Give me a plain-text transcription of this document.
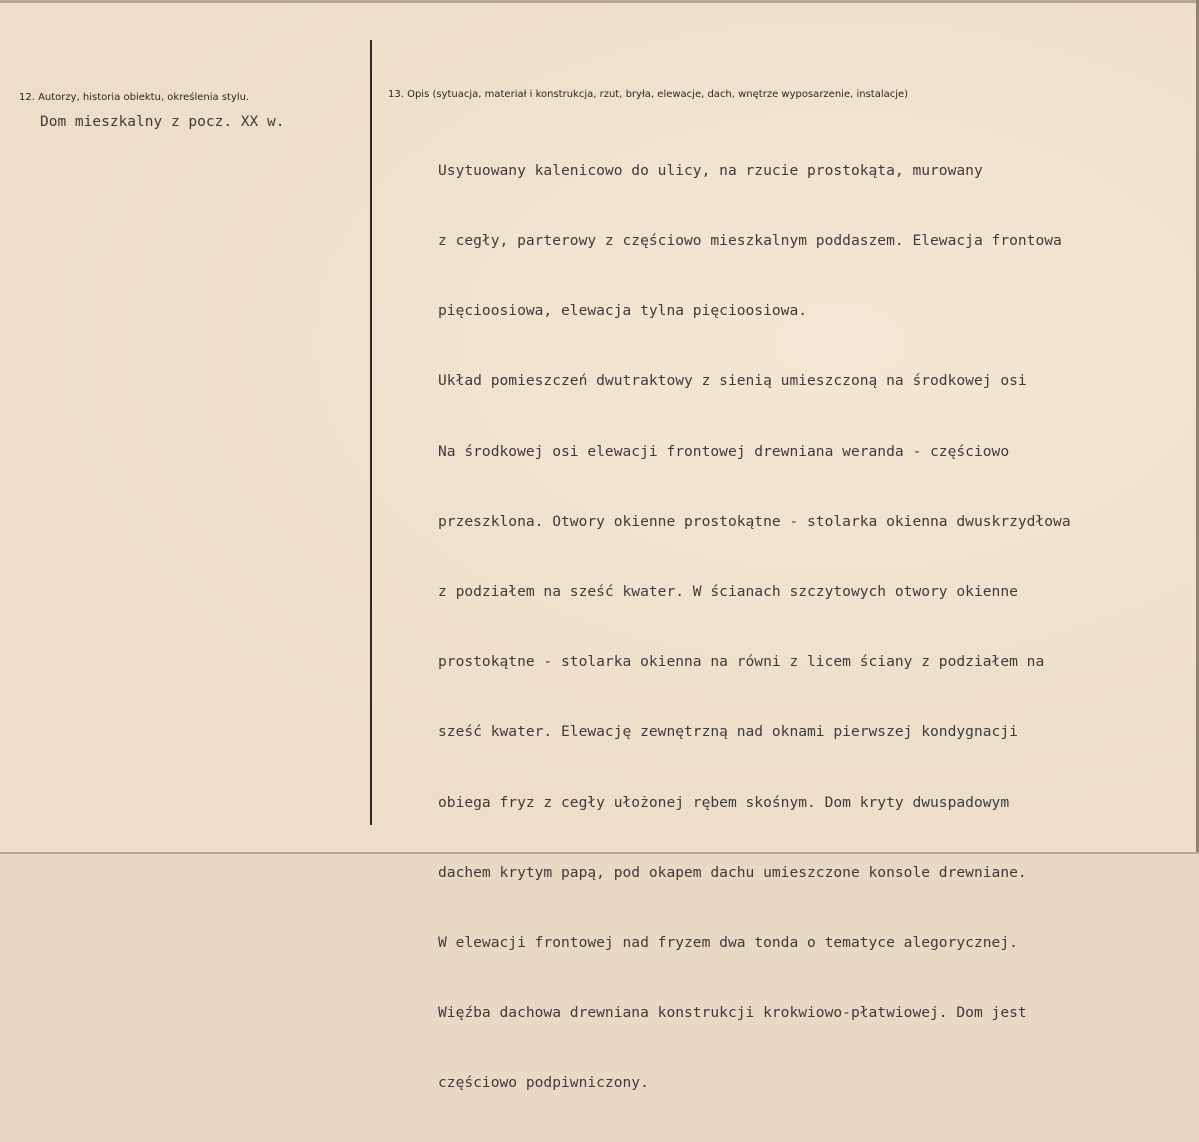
12. Autorzy, historia obiektu, określenia stylu.
Dom mieszkalny z pocz. XX w.
13. Opis (sytuacja, materiał i konstrukcja, rzut, bryła, elewacje, dach, wnętrze wyposarzenie, instalacje)

Usytuowany kalenicowo do ulicy, na rzucie prostokąta, murowany

z cegły, parterowy z częściowo mieszkalnym poddaszem. Elewacja frontowa

pięcioosiowa, elewacja tylna pięcioosiowa.

Układ pomieszczeń dwutraktowy z sienią umieszczoną na środkowej osi

Na środkowej osi elewacji frontowej drewniana weranda - częściowo

przeszklona. Otwory okienne prostokątne - stolarka okienna dwuskrzydłowa

z podziałem na sześć kwater. W ścianach szczytowych otwory okienne

prostokątne - stolarka okienna na równi z licem ściany z podziałem na

sześć kwater. Elewację zewnętrzną nad oknami pierwszej kondygnacji

obiega fryz z cegły ułożonej rębem skośnym. Dom kryty dwuspadowym

dachem krytym papą, pod okapem dachu umieszczone konsole drewniane.

W elewacji frontowej nad fryzem dwa tonda o tematyce alegorycznej.

Więźba dachowa drewniana konstrukcji krokwiowo-płatwiowej. Dom jest

częściowo podpiwniczony.
